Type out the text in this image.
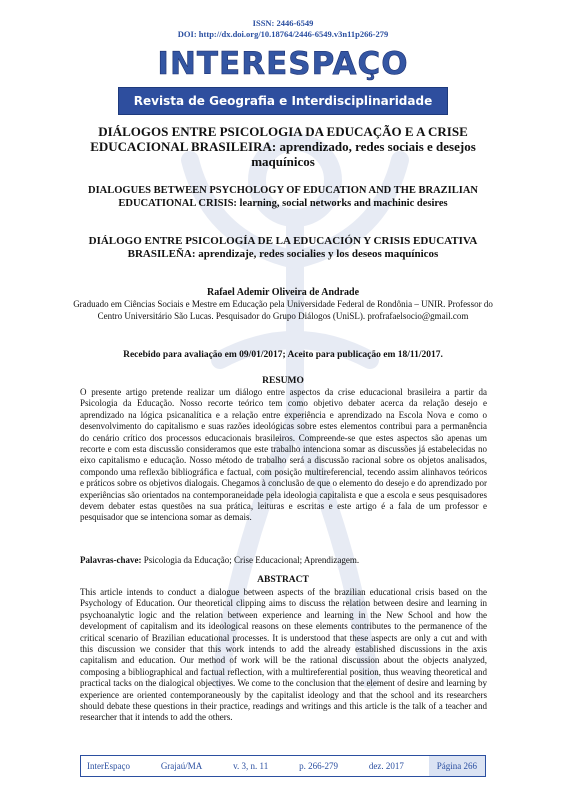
ISSN: 2446-6549
DOI: http://dx.doi.org/10.18764/2446-6549.v3n11p266-279
INTERESPAÇO
Revista de Geografia e Interdisciplinaridade
DIÁLOGOS ENTRE PSICOLOGIA DA EDUCAÇÃO E A CRISE EDUCACIONAL BRASILEIRA: aprendizado, redes sociais e desejos maquínicos
DIALOGUES BETWEEN PSYCHOLOGY OF EDUCATION AND THE BRAZILIAN EDUCATIONAL CRISIS: learning, social networks and machinic desires
DIÁLOGO ENTRE PSICOLOGÍA DE LA EDUCACIÓN Y CRISIS EDUCATIVA BRASILEÑA: aprendizaje, redes socialies y los deseos maquínicos
Rafael Ademir Oliveira de Andrade
Graduado em Ciências Sociais e Mestre em Educação pela Universidade Federal de Rondônia – UNIR. Professor do Centro Universitário São Lucas. Pesquisador do Grupo Diálogos (UniSL). profrafaelsocio@gmail.com
Recebido para avaliação em 09/01/2017; Aceito para publicação em 18/11/2017.
RESUMO
O presente artigo pretende realizar um diálogo entre aspectos da crise educacional brasileira a partir da Psicologia da Educação. Nosso recorte teórico tem como objetivo debater acerca da relação desejo e aprendizado na lógica psicanalítica e a relação entre experiência e aprendizado na Escola Nova e como o desenvolvimento do capitalismo e suas razões ideológicas sobre estes elementos contribui para a permanência do cenário crítico dos processos educacionais brasileiros. Compreende-se que estes aspectos são apenas um recorte e com esta discussão consideramos que este trabalho intenciona somar as discussões já estabelecidas no eixo capitalismo e educação. Nosso método de trabalho será a discussão racional sobre os objetos analisados, compondo uma reflexão bibliográfica e factual, com posição multireferencial, tecendo assim alinhavos teóricos e práticos sobre os objetivos dialogais. Chegamos à conclusão de que o elemento do desejo e do aprendizado por experiências são orientados na contemporaneidade pela ideologia capitalista e que a escola e seus pesquisadores devem debater estas questões na sua prática, leituras e escritas e este artigo é a fala de um professor e pesquisador que se intenciona somar as demais.
Palavras-chave: Psicologia da Educação; Crise Educacional; Aprendizagem.
ABSTRACT
This article intends to conduct a dialogue between aspects of the brazilian educational crisis based on the Psychology of Education. Our theoretical clipping aims to discuss the relation between desire and learning in psychoanalytic logic and the relation between experience and learning in the New School and how the development of capitalism and its ideological reasons on these elements contributes to the permanence of the critical scenario of Brazilian educational processes. It is understood that these aspects are only a cut and with this discussion we consider that this work intends to add the already established discussions in the axis capitalism and education. Our method of work will be the rational discussion about the objects analyzed, composing a bibliographical and factual reflection, with a multireferential position, thus weaving theoretical and practical tacks on the dialogical objectives. We come to the conclusion that the element of desire and learning by experience are oriented contemporaneously by the capitalist ideology and that the school and its researchers should debate these questions in their practice, readings and writings and this article is the talk of a teacher and researcher that it intends to add the others.
InterEspaço	Grajaú/MA	v. 3, n. 11	p. 266-279	dez. 2017	Página 266
